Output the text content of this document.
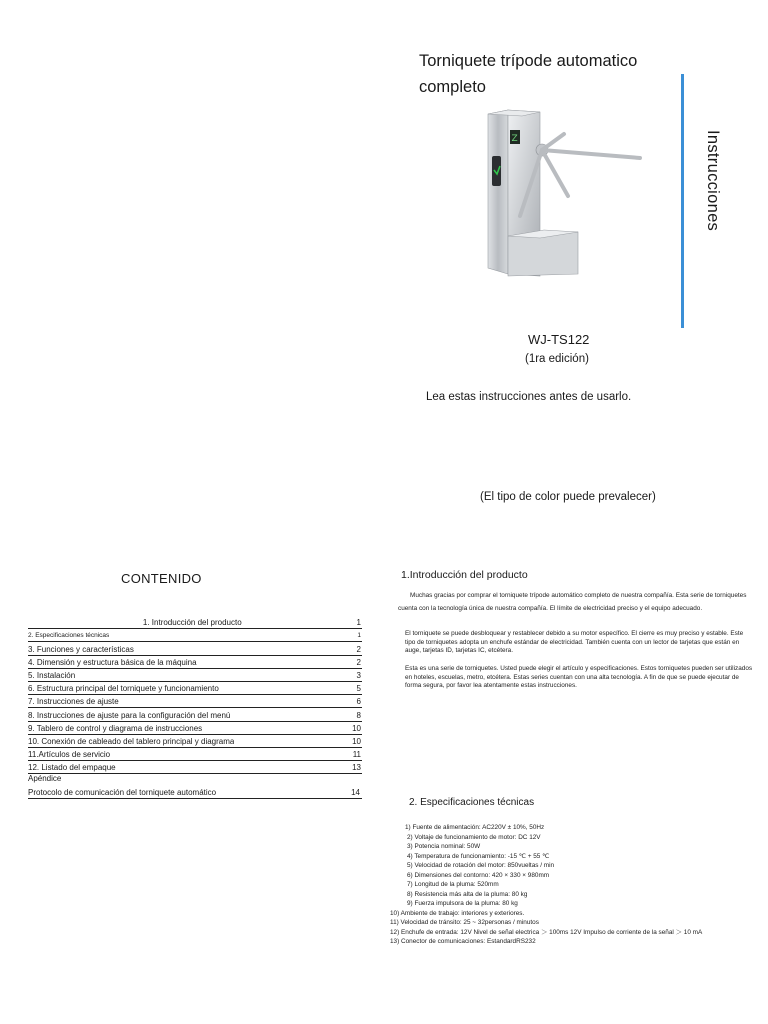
Torniquete trípode automatico completo
Z	Instrucciones
WJ-TS122
(1ra edición)
Lea estas instrucciones antes de usarlo.
(El tipo de color puede prevalecer)
CONTENIDO
1. Introducción del producto	1
2. Especificaciones técnicas	1
3. Funciones y características	2
4. Dimensión y estructura básica de la máquina	2
5. Instalación	3
6. Estructura principal del torniquete y funcionamiento	5
7. Instrucciones de ajuste	6
8. Instrucciones de ajuste para la configuración del menú	8
9. Tablero de control y diagrama de instrucciones	10
10. Conexión de cableado del tablero principal y diagrama	10
11.Artículos de servicio	11
12. Listado del empaque	13
Apéndice
Protocolo de comunicación del torniquete automático	14
1.Introducción del producto
Muchas gracias por comprar el torniquete trípode automático completo de nuestra compañía. Esta serie de torniquetes cuenta con la tecnología única de nuestra compañía. El límite de electricidad preciso y el equipo adecuado.
El torniquete se puede desbloquear y restablecer debido a su motor específico. El cierre es muy preciso y estable. Este tipo de torniquetes adopta un enchufe estándar de electricidad. También cuenta con un lector de tarjetas que están en auge, tarjetas ID, tarjetas IC, etcétera.
Esta es una serie de torniquetes. Usted puede elegir el artículo y especificaciones. Estos torniquetes pueden ser utilizados en hoteles, escuelas, metro, etcétera. Estas series cuentan con una alta tecnología. A fin de que se puede ejecutar de forma segura, por favor lea atentamente estas instrucciones.
2. Especificaciones técnicas
1) Fuente de alimentación: AC220V ± 10%, 50Hz
2) Voltaje de funcionamiento de motor: DC 12V
3) Potencia nominal: 50W
4) Temperatura de funcionamiento: -15 ℃ + 55 ℃
5) Velocidad de rotación del motor: 850vueltas / min
6) Dimensiones del contorno: 420 × 330 × 980mm
7) Longitud de la pluma: 520mm
8) Resistencia más alta de la pluma: 80 kg
9) Fuerza impulsora de la pluma: 80 kg
10) Ambiente de trabajo: interiores y exteriores.
11) Velocidad de tránsito: 25 ~ 32personas / minutos
12) Enchufe de entrada: 12V Nivel de señal electrica ＞ 100ms 12V Impulso de corriente de la señal ＞ 10 mA
13) Conector de comunicaciones: EstandardRS232
